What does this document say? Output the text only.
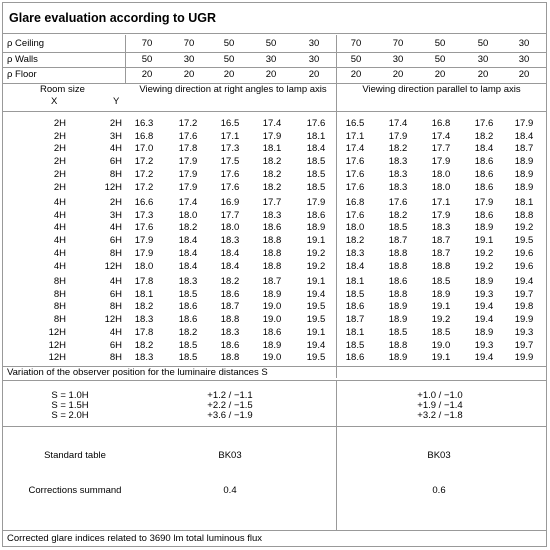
Glare evaluation according to UGR
ρ Ceiling	70	70	50	50	30	70	70	50	50	30
ρ Walls	50	30	50	30	30	50	30	50	30	30
ρ Floor	20	20	20	20	20	20	20	20	20	20
Room size
X	Y
Viewing direction at right angles to lamp axis	Viewing direction parallel to lamp axis
2H	2H	16.3	17.2	16.5	17.4	17.6	16.5	17.4	16.8	17.6	17.9
2H	3H	16.8	17.6	17.1	17.9	18.1	17.1	17.9	17.4	18.2	18.4
2H	4H	17.0	17.8	17.3	18.1	18.4	17.4	18.2	17.7	18.4	18.7
2H	6H	17.2	17.9	17.5	18.2	18.5	17.6	18.3	17.9	18.6	18.9
2H	8H	17.2	17.9	17.6	18.2	18.5	17.6	18.3	18.0	18.6	18.9
2H	12H	17.2	17.9	17.6	18.2	18.5	17.6	18.3	18.0	18.6	18.9
4H	2H	16.6	17.4	16.9	17.7	17.9	16.8	17.6	17.1	17.9	18.1
4H	3H	17.3	18.0	17.7	18.3	18.6	17.6	18.2	17.9	18.6	18.8
4H	4H	17.6	18.2	18.0	18.6	18.9	18.0	18.5	18.3	18.9	19.2
4H	6H	17.9	18.4	18.3	18.8	19.1	18.2	18.7	18.7	19.1	19.5
4H	8H	17.9	18.4	18.4	18.8	19.2	18.3	18.8	18.7	19.2	19.6
4H	12H	18.0	18.4	18.4	18.8	19.2	18.4	18.8	18.8	19.2	19.6
8H	4H	17.8	18.3	18.2	18.7	19.1	18.1	18.6	18.5	18.9	19.4
8H	6H	18.1	18.5	18.6	18.9	19.4	18.5	18.8	18.9	19.3	19.7
8H	8H	18.2	18.6	18.7	19.0	19.5	18.6	18.9	19.1	19.4	19.8
8H	12H	18.3	18.6	18.8	19.0	19.5	18.7	18.9	19.2	19.4	19.9
12H	4H	17.8	18.2	18.3	18.6	19.1	18.1	18.5	18.5	18.9	19.3
12H	6H	18.2	18.5	18.6	18.9	19.4	18.5	18.8	19.0	19.3	19.7
12H	8H	18.3	18.5	18.8	19.0	19.5	18.6	18.9	19.1	19.4	19.9
Variation of the observer position for the luminaire distances S
S = 1.0H	+1.2 / −1.1	+1.0 / −1.0
S = 1.5H	+2.2 / −1.5	+1.9 / −1.4
S = 2.0H	+3.6 / −1.9	+3.2 / −1.8
Standard table	BK03	BK03
Corrections summand	0.4	0.6
Corrected glare indices related to 3690 lm total luminous flux
